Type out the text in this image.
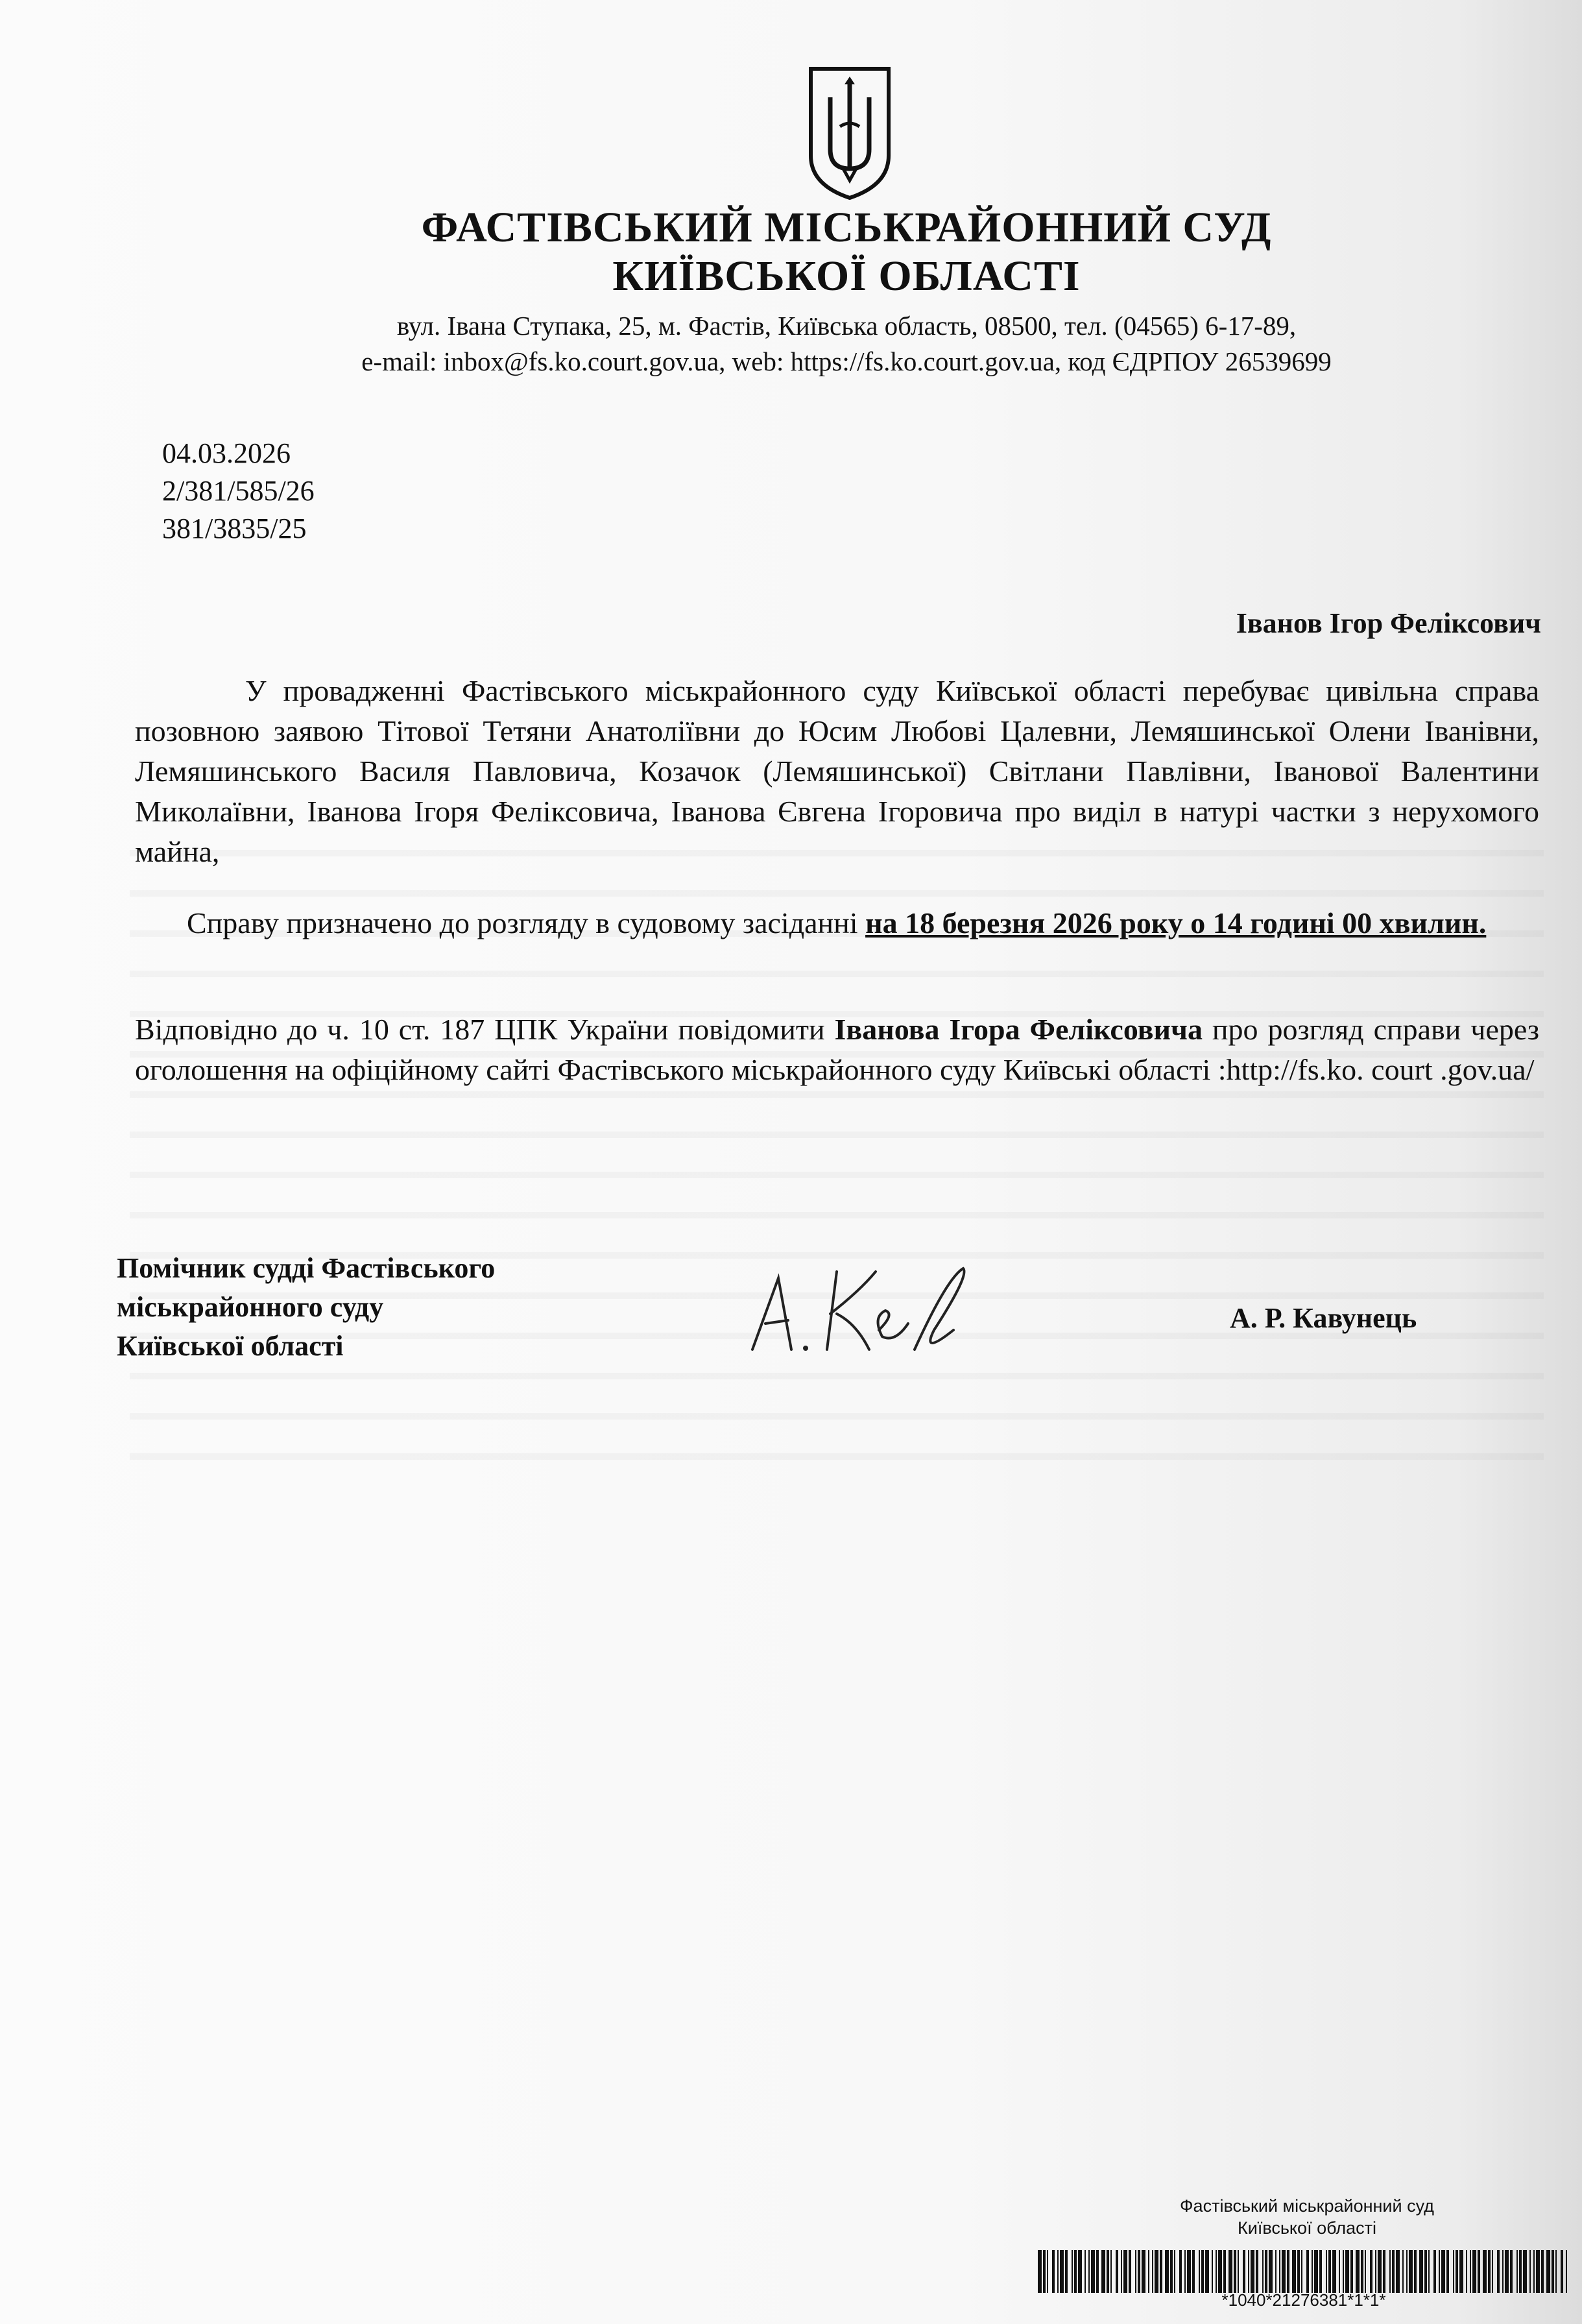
ФАСТІВСЬКИЙ МІСЬКРАЙОННИЙ СУД
КИЇВСЬКОЇ ОБЛАСТІ
вул. Івана Ступака, 25, м. Фастів, Київська область, 08500, тел. (04565) 6-17-89,
e-mail: inbox@fs.ko.court.gov.ua, web: https://fs.ko.court.gov.ua, код ЄДРПОУ 26539699
04.03.2026
2/381/585/26
381/3835/25
Іванов Ігор Феліксович
У провадженні Фастівського міськрайонного суду Київської області перебуває цивільна справа позовною заявою Тітової Тетяни Анатоліївни до Юсим Любові Цалевни, Лемяшинської Олени Іванівни, Лемяшинського Василя Павловича, Козачок (Лемяшинської) Світлани Павлівни, Іванової Валентини Миколаївни, Іванова Ігоря Феліксовича, Іванова Євгена Ігоровича про виділ в натурі частки з нерухомого майна,
Справу призначено до розгляду в судовому засіданні на 18 березня 2026 року о 14 годині 00 хвилин.
Відповідно до ч. 10 ст. 187 ЦПК України повідомити Іванова Ігора Феліксовича про розгляд справи через оголошення на офіційному сайті Фастівського міськрайонного суду Київські області :http://fs.ko. court .gov.ua/
Помічник судді Фастівського
міськрайонного суду
Київської області
А. Р. Кавунець
Фастівський міськрайонний суд
Київської області
*1040*21276381*1*1*
